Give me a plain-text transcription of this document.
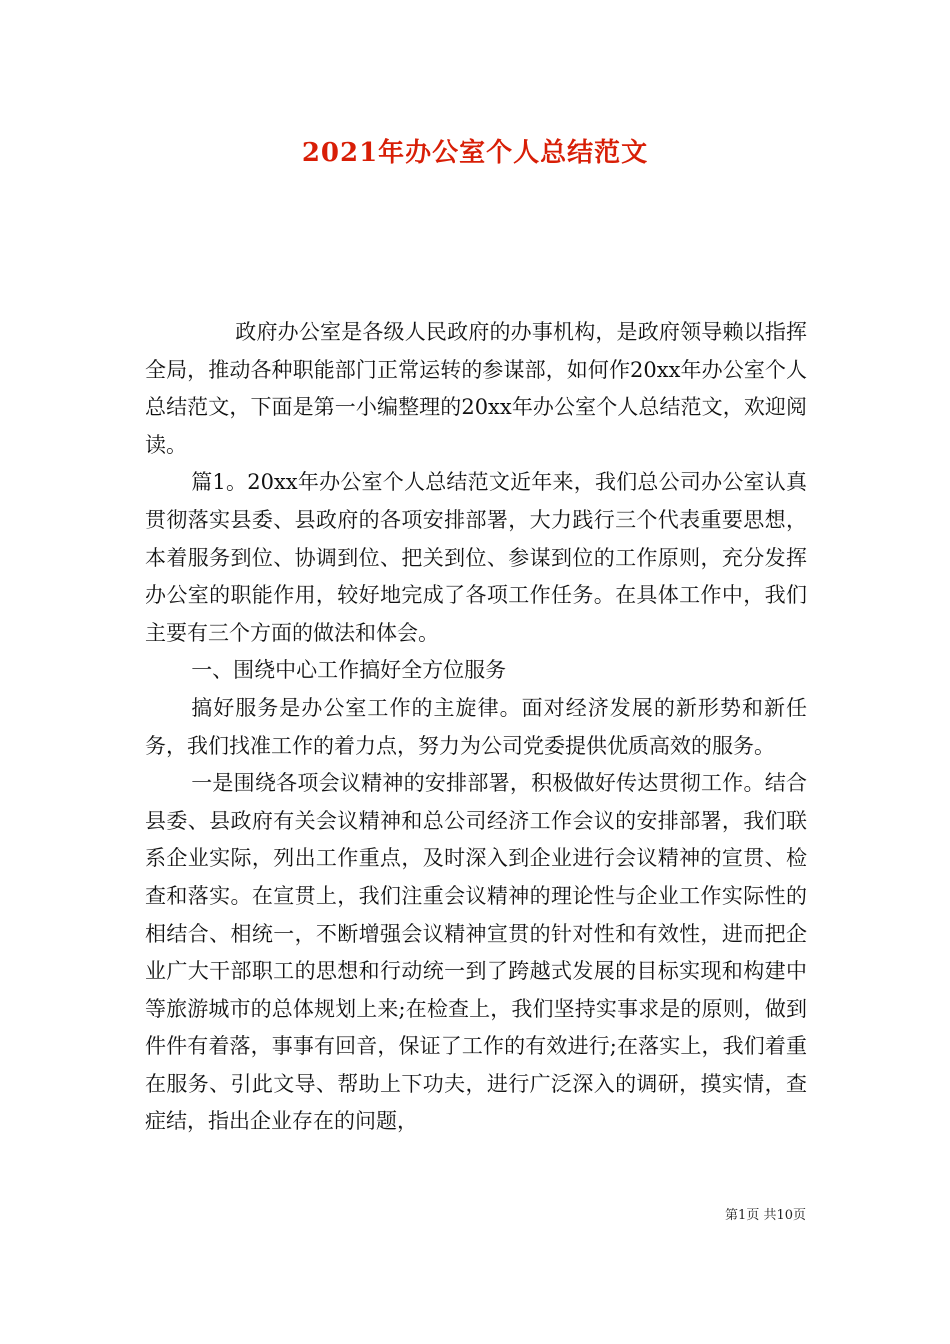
2021年办公室个人总结范文

政府办公室是各级人民政府的办事机构，是政府领导赖以指挥全局，推动各种职能部门正常运转的参谋部，如何作20xx年办公室个人总结范文，下面是第一小编整理的20xx年办公室个人总结范文，欢迎阅读。

篇1。20xx年办公室个人总结范文近年来，我们总公司办公室认真贯彻落实县委、县政府的各项安排部署，大力践行三个代表重要思想，本着服务到位、协调到位、把关到位、参谋到位的工作原则，充分发挥办公室的职能作用，较好地完成了各项工作任务。在具体工作中，我们主要有三个方面的做法和体会。

一、围绕中心工作搞好全方位服务

搞好服务是办公室工作的主旋律。面对经济发展的新形势和新任务，我们找准工作的着力点，努力为公司党委提供优质高效的服务。

一是围绕各项会议精神的安排部署，积极做好传达贯彻工作。结合县委、县政府有关会议精神和总公司经济工作会议的安排部署，我们联系企业实际，列出工作重点，及时深入到企业进行会议精神的宣贯、检查和落实。在宣贯上，我们注重会议精神的理论性与企业工作实际性的相结合、相统一，不断增强会议精神宣贯的针对性和有效性，进而把企业广大干部职工的思想和行动统一到了跨越式发展的目标实现和构建中等旅游城市的总体规划上来;在检查上，我们坚持实事求是的原则，做到件件有着落，事事有回音，保证了工作的有效进行;在落实上，我们着重在服务、引此文导、帮助上下功夫，进行广泛深入的调研，摸实情，查症结，指出企业存在的问题，

第1页 共10页
